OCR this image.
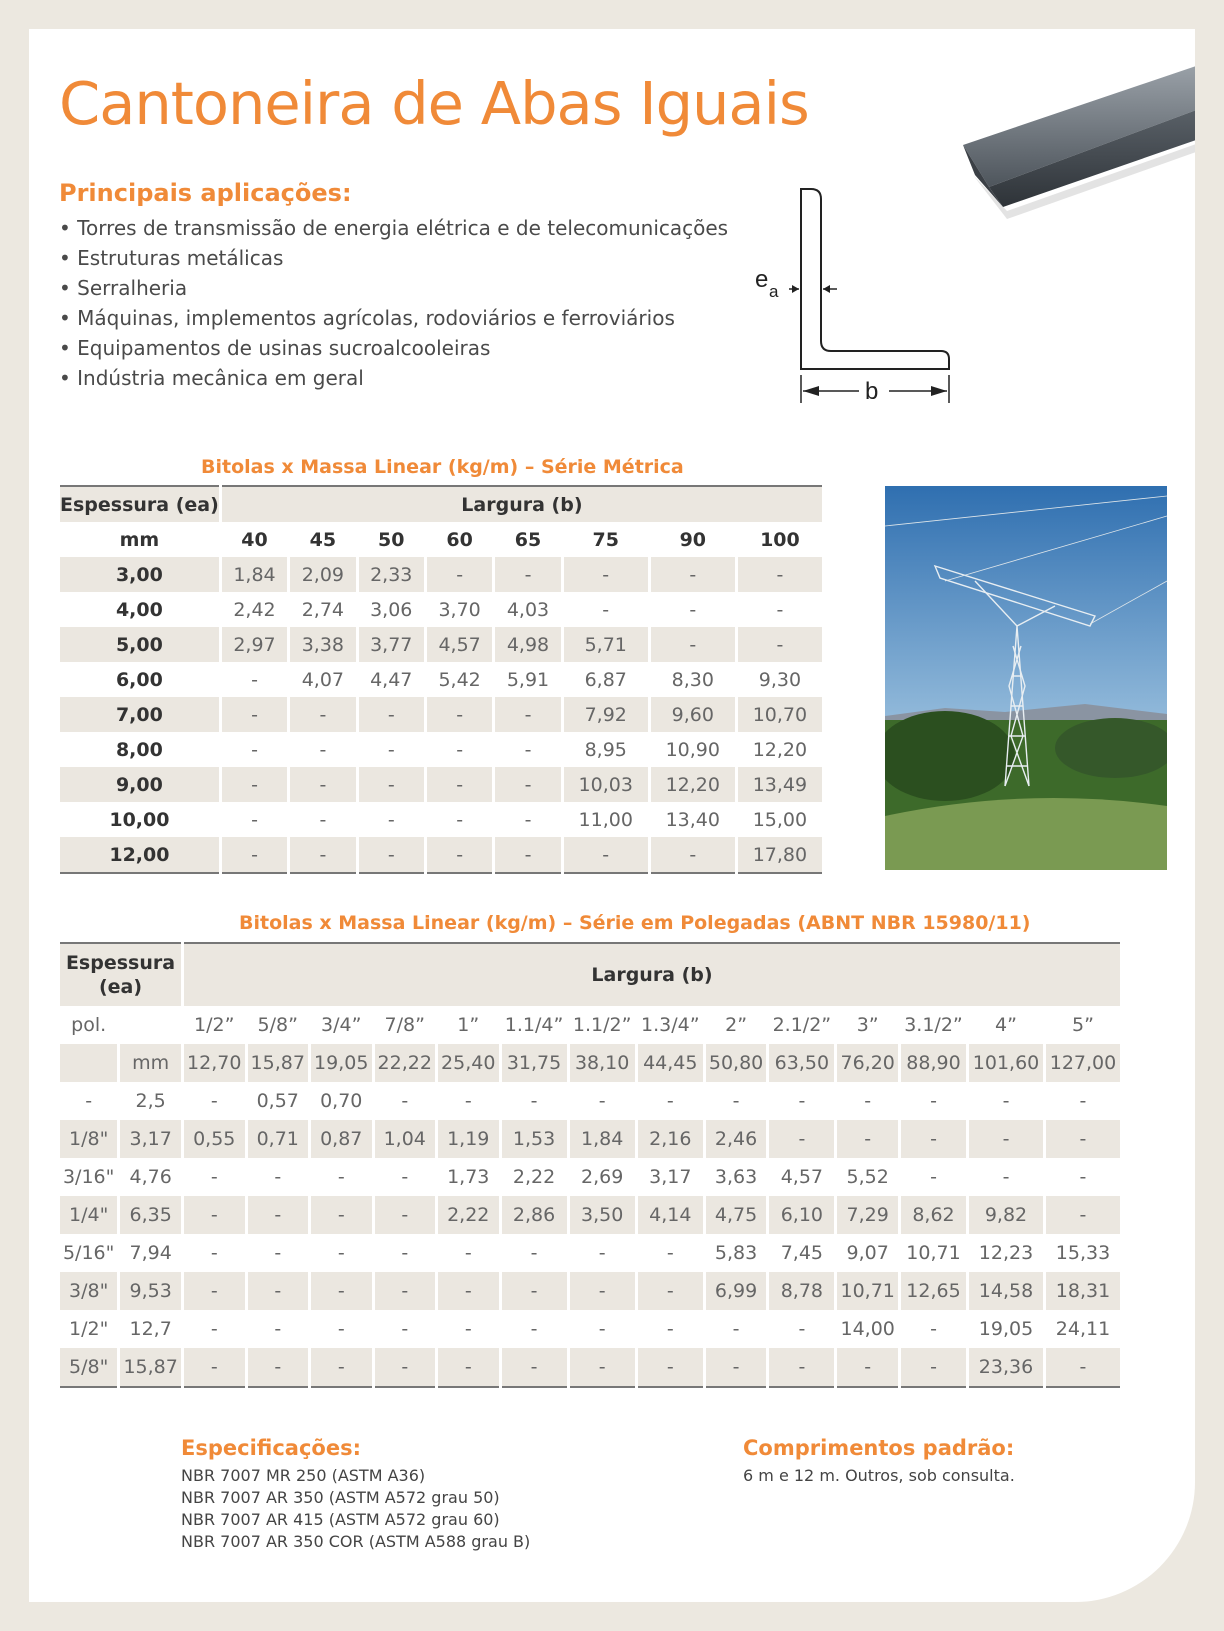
Cantoneira de Abas Iguais
Principais aplicações:
• Torres de transmissão de energia elétrica e de telecomunicações
• Estruturas metálicas
• Serralheria
• Máquinas, implementos agrícolas, rodoviários e ferroviários
• Equipamentos de usinas sucroalcooleiras
• Indústria mecânica em geral
e a
b
Bitolas x Massa Linear (kg/m) – Série Métrica
Espessura (ea)	Largura (b)							
mm	40	45	50	60	65	75	90	100
3,00	1,84	2,09	2,33	-	-	-	-	-
4,00	2,42	2,74	3,06	3,70	4,03	-	-	-
5,00	2,97	3,38	3,77	4,57	4,98	5,71	-	-
6,00	-	4,07	4,47	5,42	5,91	6,87	8,30	9,30
7,00	-	-	-	-	-	7,92	9,60	10,70
8,00	-	-	-	-	-	8,95	10,90	12,20
9,00	-	-	-	-	-	10,03	12,20	13,49
10,00	-	-	-	-	-	11,00	13,40	15,00
12,00	-	-	-	-	-	-	-	17,80
Bitolas x Massa Linear (kg/m) – Série em Polegadas (ABNT NBR 15980/11)
Espessura
(ea)		Largura (b)													
pol.		1/2”	5/8”	3/4”	7/8”	1”	1.1/4”	1.1/2”	1.3/4”	2”	2.1/2”	3”	3.1/2”	4”	5”
	mm	12,70	15,87	19,05	22,22	25,40	31,75	38,10	44,45	50,80	63,50	76,20	88,90	101,60	127,00
-	2,5	-	0,57	0,70	-	-	-	-	-	-	-	-	-	-	-
1/8"	3,17	0,55	0,71	0,87	1,04	1,19	1,53	1,84	2,16	2,46	-	-	-	-	-
3/16"	4,76	-	-	-	-	1,73	2,22	2,69	3,17	3,63	4,57	5,52	-	-	-
1/4"	6,35	-	-	-	-	2,22	2,86	3,50	4,14	4,75	6,10	7,29	8,62	9,82	-
5/16"	7,94	-	-	-	-	-	-	-	-	5,83	7,45	9,07	10,71	12,23	15,33
3/8"	9,53	-	-	-	-	-	-	-	-	6,99	8,78	10,71	12,65	14,58	18,31
1/2"	12,7	-	-	-	-	-	-	-	-	-	-	14,00	-	19,05	24,11
5/8"	15,87	-	-	-	-	-	-	-	-	-	-	-	-	23,36	-
Especificações:
NBR 7007 MR 250 (ASTM A36)
NBR 7007 AR 350 (ASTM A572 grau 50)
NBR 7007 AR 415 (ASTM A572 grau 60)
NBR 7007 AR 350 COR (ASTM A588 grau B)
Comprimentos padrão:
6 m e 12 m. Outros, sob consulta.
